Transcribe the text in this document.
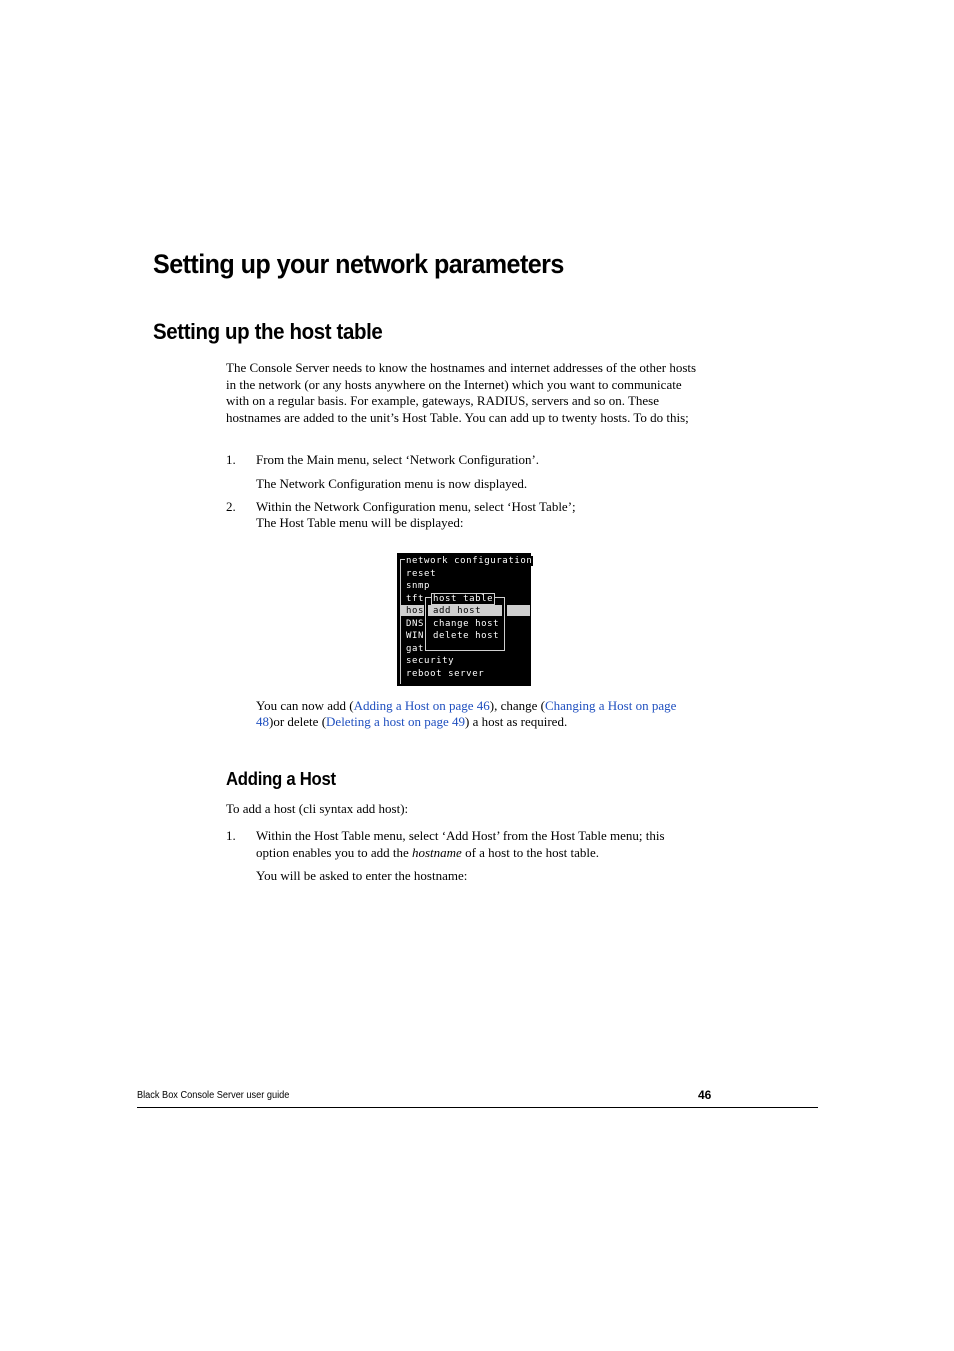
Setting up your network parameters
Setting up the host table
The Console Server needs to know the hostnames and internet addresses of the other hosts in the network (or any hosts anywhere on the Internet) which you want to communicate with on a regular basis. For example, gateways, RADIUS, servers and so on. These hostnames are added to the unit’s Host Table. You can add up to twenty hosts. To do this;
1. From the Main menu, select ‘Network Configuration’.
The Network Configuration menu is now displayed.
2. Within the Network Configuration menu, select ‘Host Table’;
The Host Table menu will be displayed:
network configuration
reset
snmp
tft
hos
DNS
WIN
gat
security
reboot server
host table
add host
change host
delete host
You can now add (Adding a Host on page 46), change (Changing a Host on page
48)or delete (Deleting a host on page 49) a host as required.
Adding a Host
To add a host (cli syntax add host):
1. Within the Host Table menu, select ‘Add Host’ from the Host Table menu; this
option enables you to add the hostname of a host to the host table.
You will be asked to enter the hostname:
Black Box Console Server user guide	46
